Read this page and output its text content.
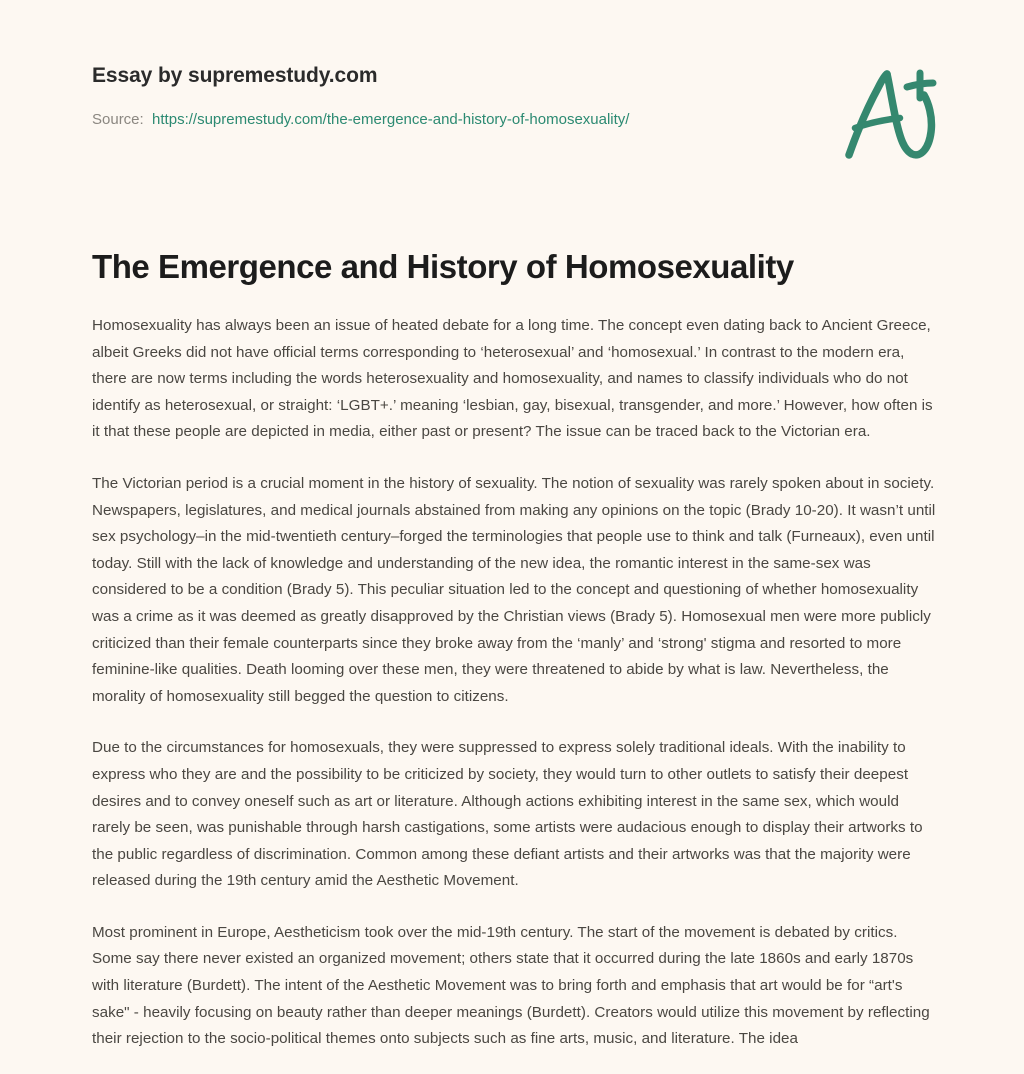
Essay by supremestudy.com
Source: https://supremestudy.com/the-emergence-and-history-of-homosexuality/
The Emergence and History of Homosexuality

Homosexuality has always been an issue of heated debate for a long time. The concept even dating back to Ancient Greece, albeit Greeks did not have official terms corresponding to ‘heterosexual’ and ‘homosexual.’ In contrast to the modern era, there are now terms including the words heterosexuality and homosexuality, and names to classify individuals who do not identify as heterosexual, or straight: ‘LGBT+.’ meaning ‘lesbian, gay, bisexual, transgender, and more.’ However, how often is it that these people are depicted in media, either past or present? The issue can be traced back to the Victorian era.

The Victorian period is a crucial moment in the history of sexuality. The notion of sexuality was rarely spoken about in society. Newspapers, legislatures, and medical journals abstained from making any opinions on the topic (Brady 10-20). It wasn’t until sex psychology–in the mid-twentieth century–forged the terminologies that people use to think and talk (Furneaux), even until today. Still with the lack of knowledge and understanding of the new idea, the romantic interest in the same-sex was considered to be a condition (Brady 5). This peculiar situation led to the concept and questioning of whether homosexuality was a crime as it was deemed as greatly disapproved by the Christian views (Brady 5). Homosexual men were more publicly criticized than their female counterparts since they broke away from the ‘manly’ and ‘strong' stigma and resorted to more feminine-like qualities. Death looming over these men, they were threatened to abide by what is law. Nevertheless, the morality of homosexuality still begged the question to citizens.

Due to the circumstances for homosexuals, they were suppressed to express solely traditional ideals. With the inability to express who they are and the possibility to be criticized by society, they would turn to other outlets to satisfy their deepest desires and to convey oneself such as art or literature. Although actions exhibiting interest in the same sex, which would rarely be seen, was punishable through harsh castigations, some artists were audacious enough to display their artworks to the public regardless of discrimination. Common among these defiant artists and their artworks was that the majority were released during the 19th century amid the Aesthetic Movement.

Most prominent in Europe, Aestheticism took over the mid-19th century. The start of the movement is debated by critics. Some say there never existed an organized movement; others state that it occurred during the late 1860s and early 1870s with literature (Burdett). The intent of the Aesthetic Movement was to bring forth and emphasis that art would be for “art's sake" - heavily focusing on beauty rather than deeper meanings (Burdett). Creators would utilize this movement by reflecting their rejection to the socio-political themes onto subjects such as fine arts, music, and literature. The idea
